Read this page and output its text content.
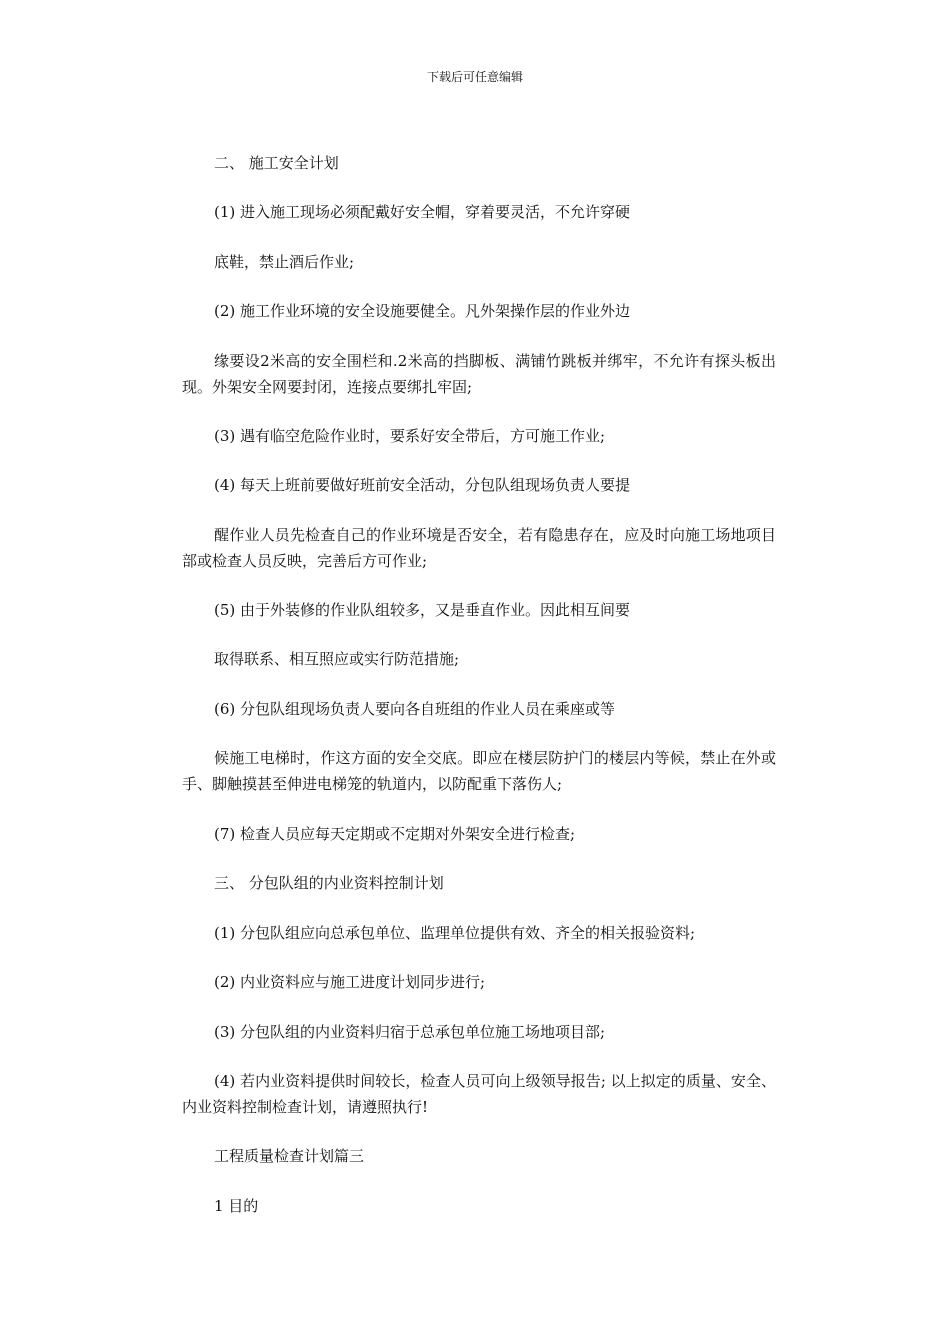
下载后可任意编辑
二、 施工安全计划
(1) 进入施工现场必须配戴好安全帽，穿着要灵活，不允许穿硬
底鞋，禁止酒后作业;
(2) 施工作业环境的安全设施要健全。凡外架操作层的作业外边
缘要设2米高的安全围栏和.2米高的挡脚板、满铺竹跳板并绑牢，不允许有探头板出现。外架安全网要封闭，连接点要绑扎牢固;
(3) 遇有临空危险作业时，要系好安全带后，方可施工作业;
(4) 每天上班前要做好班前安全活动，分包队组现场负责人要提
醒作业人员先检查自己的作业环境是否安全，若有隐患存在，应及时向施工场地项目部或检查人员反映，完善后方可作业;
(5) 由于外装修的作业队组较多，又是垂直作业。因此相互间要
取得联系、相互照应或实行防范措施;
(6) 分包队组现场负责人要向各自班组的作业人员在乘座或等
候施工电梯时，作这方面的安全交底。即应在楼层防护门的楼层内等候，禁止在外或手、脚触摸甚至伸进电梯笼的轨道内，以防配重下落伤人;
(7) 检查人员应每天定期或不定期对外架安全进行检查;
三、 分包队组的内业资料控制计划
(1) 分包队组应向总承包单位、监理单位提供有效、齐全的相关报验资料;
(2) 内业资料应与施工进度计划同步进行;
(3) 分包队组的内业资料归宿于总承包单位施工场地项目部;
(4) 若内业资料提供时间较长，检查人员可向上级领导报告; 以上拟定的质量、安全、内业资料控制检查计划，请遵照执行!
工程质量检查计划篇三
1 目的
